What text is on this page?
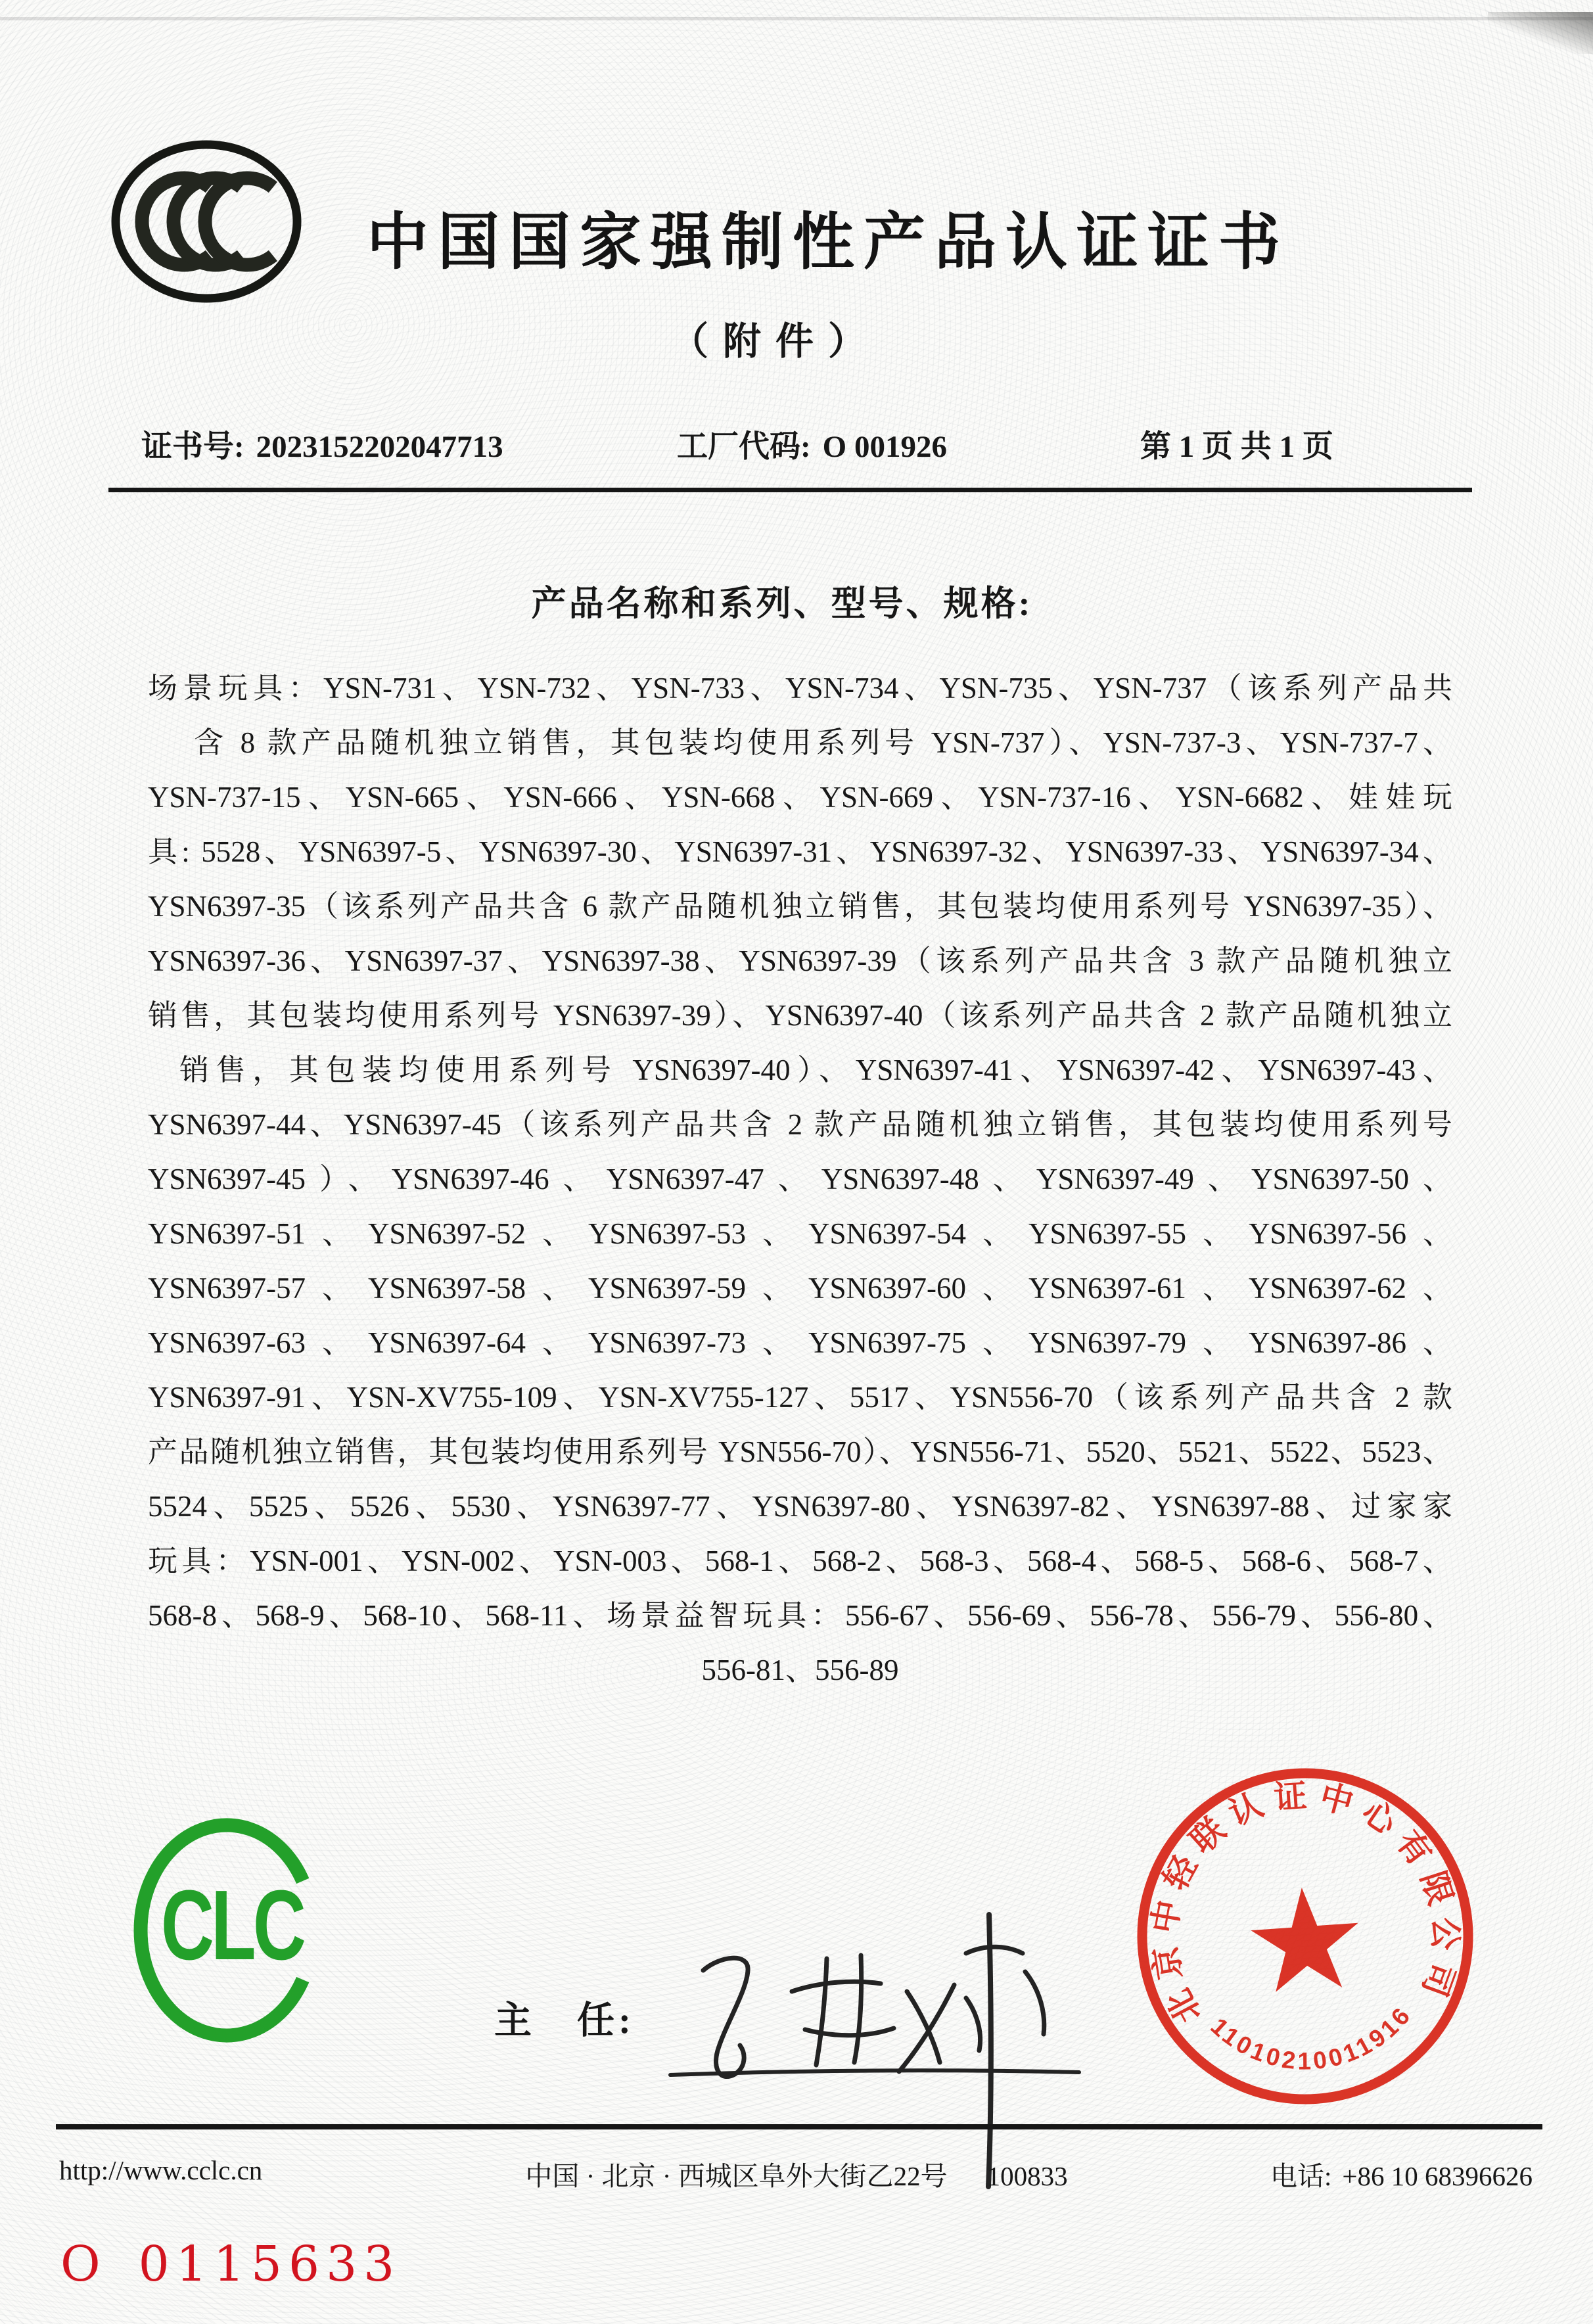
中国国家强制性产品认证证书
（附件）
证书号: 2023152202047713	工厂代码: O 001926	第 1 页 共 1 页
产品名称和系列、型号、规格:
场景玩具：YSN-731、YSN-732、YSN-733、YSN-734、YSN-735、YSN-737（该系列产品共
含 8 款产品随机独立销售，其包装均使用系列号 YSN-737）、YSN-737-3、YSN-737-7、
YSN-737-15、YSN-665、YSN-666、YSN-668、YSN-669、YSN-737-16、YSN-6682、娃娃玩
具: 5528、YSN6397-5、YSN6397-30、YSN6397-31、YSN6397-32、YSN6397-33、YSN6397-34、
YSN6397-35（该系列产品共含 6 款产品随机独立销售，其包装均使用系列号 YSN6397-35）、
YSN6397-36、YSN6397-37、YSN6397-38、YSN6397-39（该系列产品共含 3 款产品随机独立
销售，其包装均使用系列号 YSN6397-39）、YSN6397-40（该系列产品共含 2 款产品随机独立
销售，其包装均使用系列号 YSN6397-40）、YSN6397-41、YSN6397-42、YSN6397-43、
YSN6397-44、YSN6397-45（该系列产品共含 2 款产品随机独立销售，其包装均使用系列号
YSN6397-45）、YSN6397-46、YSN6397-47、YSN6397-48、YSN6397-49、YSN6397-50、
YSN6397-51、YSN6397-52、YSN6397-53、YSN6397-54、YSN6397-55、YSN6397-56、
YSN6397-57、YSN6397-58、YSN6397-59、YSN6397-60、YSN6397-61、YSN6397-62、
YSN6397-63、YSN6397-64、YSN6397-73、YSN6397-75、YSN6397-79、YSN6397-86、
YSN6397-91、YSN-XV755-109、YSN-XV755-127、5517、YSN556-70（该系列产品共含 2 款
产品随机独立销售，其包装均使用系列号 YSN556-70）、YSN556-71、5520、5521、5522、5523、
5524、5525、5526、5530、YSN6397-77、YSN6397-80、YSN6397-82、YSN6397-88、过家家
玩具：YSN-001、YSN-002、YSN-003、568-1、568-2、568-3、568-4、568-5、568-6、568-7、
568-8、568-9、568-10、568-11、场景益智玩具：556-67、556-69、556-78、556-79、556-80、
556-81、556-89
CLC
主　任:	北京中轻联认证中心有限公司
11010210011916
http://www.cclc.cn	中国 · 北京 · 西城区阜外大街乙22号 100833	电话: +86 10 68396626
O 0115633
